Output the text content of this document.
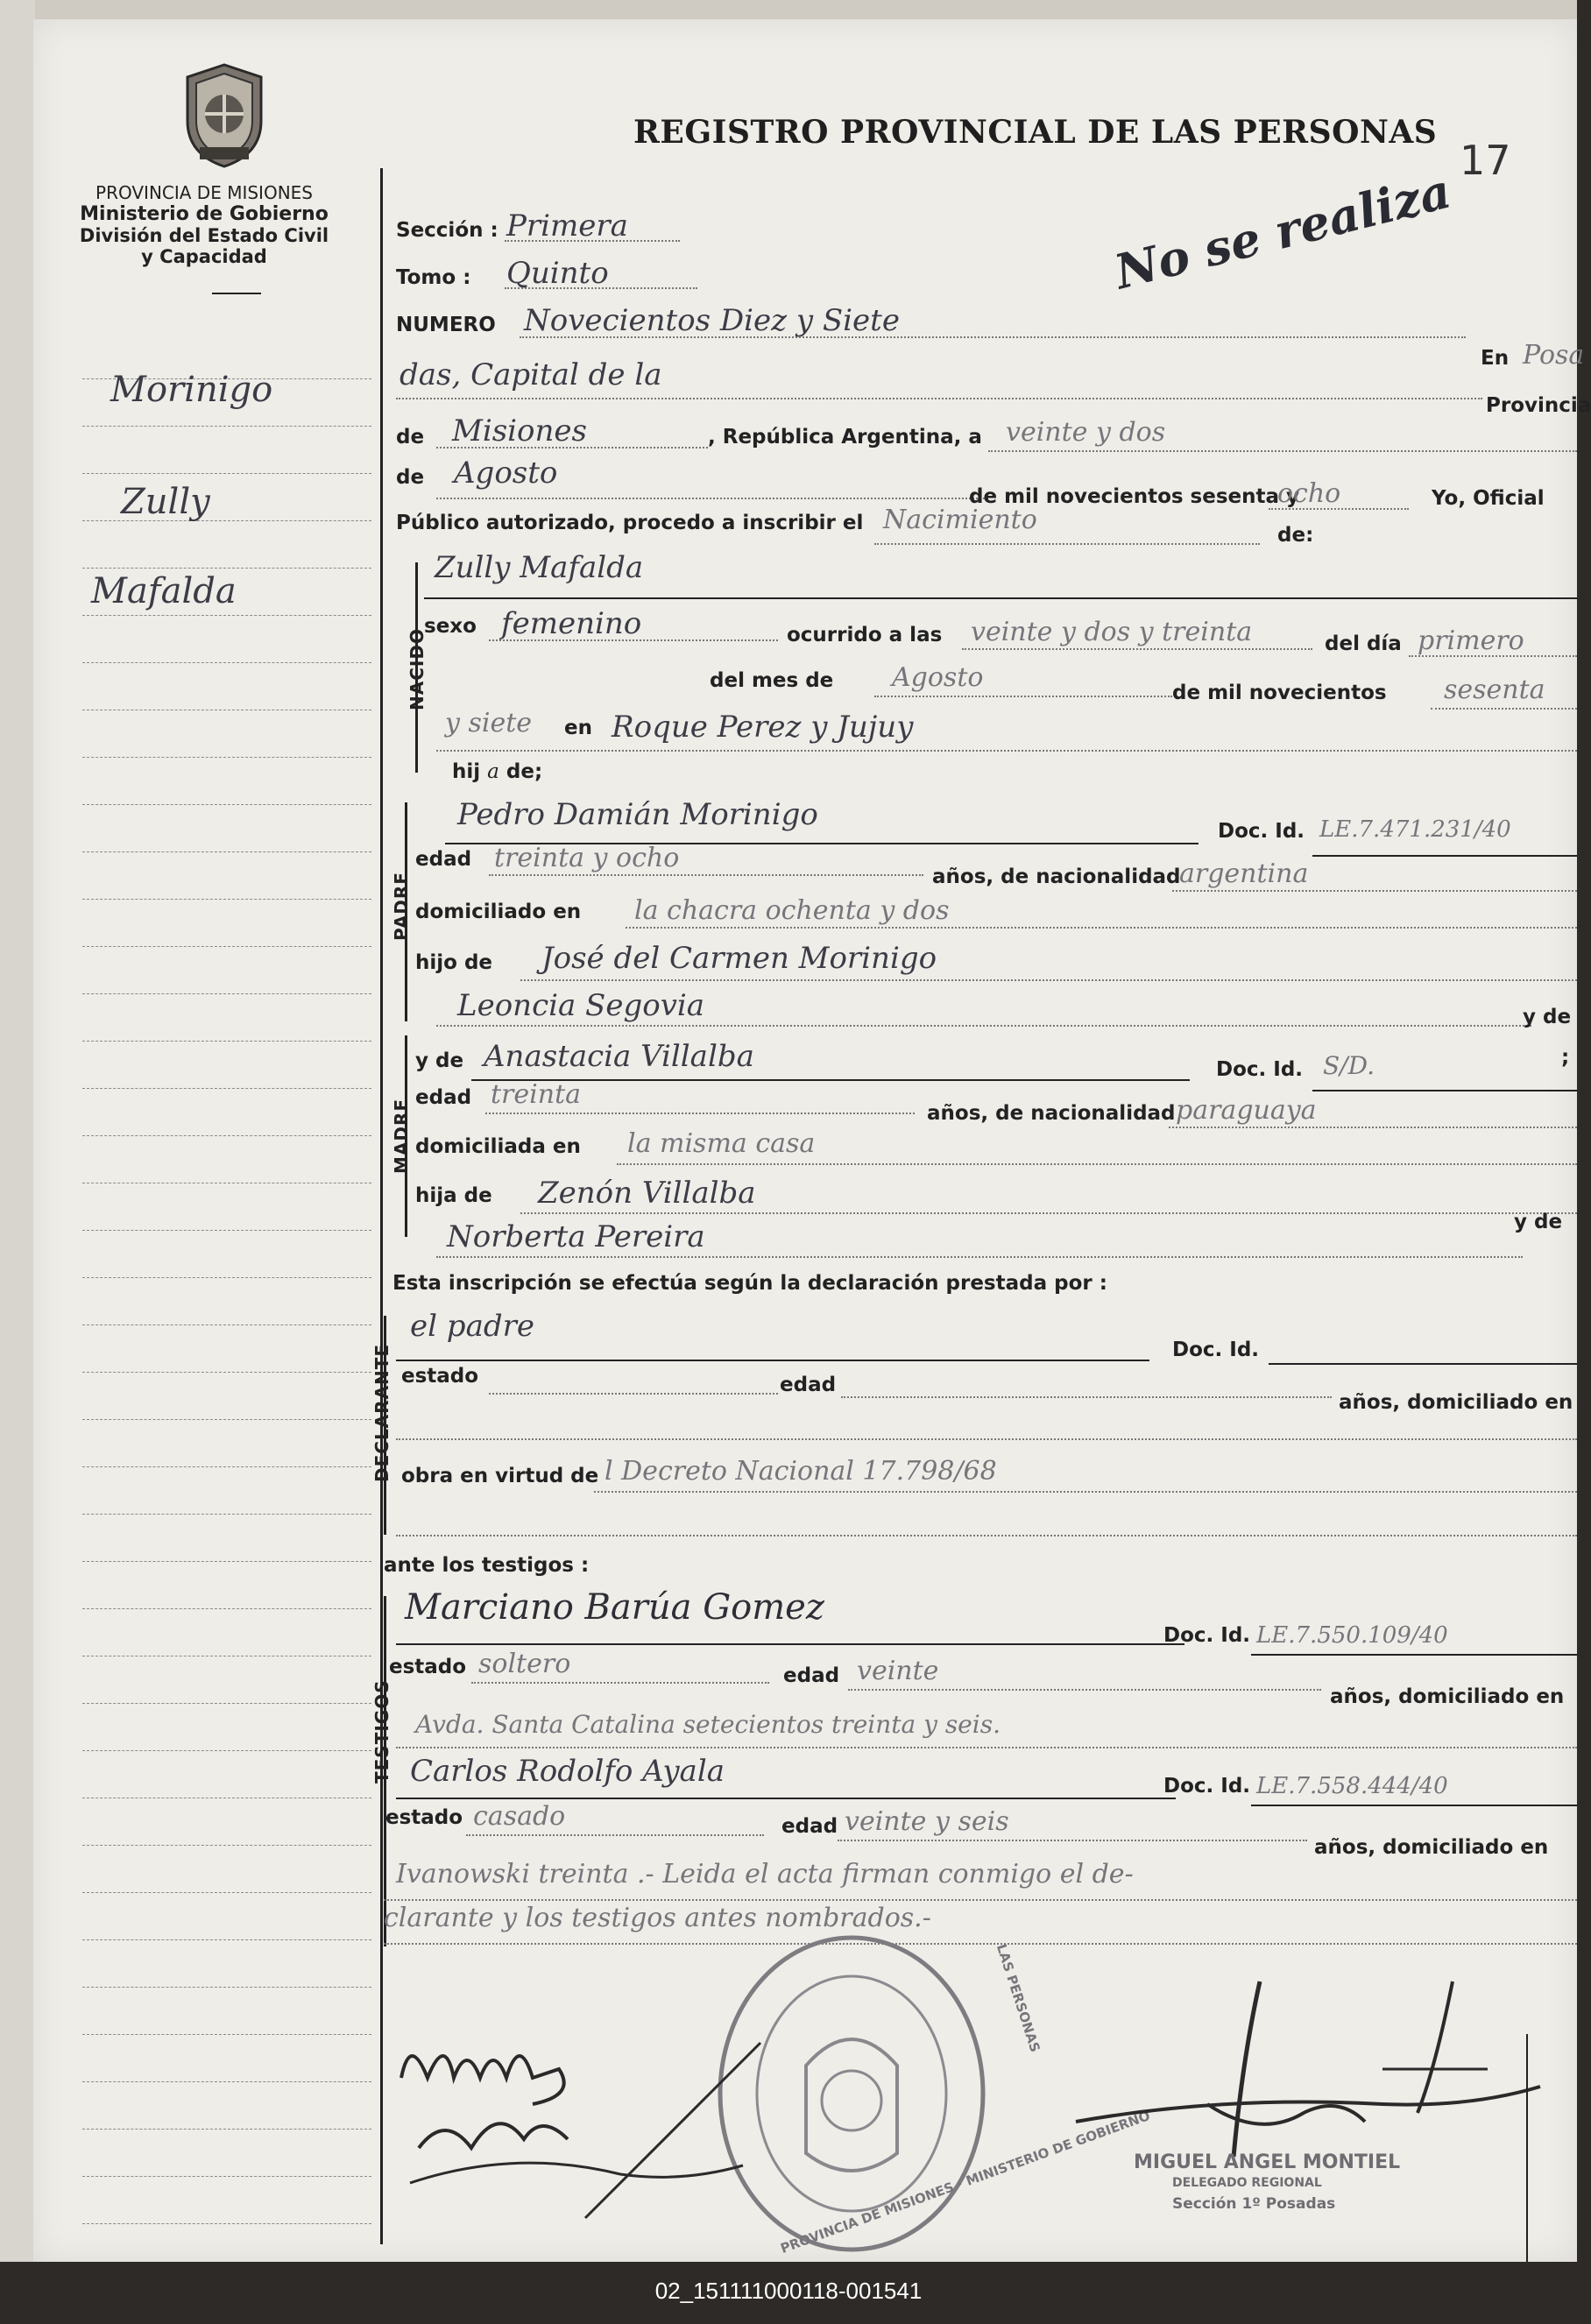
PROVINCIA DE MISIONES
Ministerio de Gobierno
División del Estado Civil
y Capacidad
Morinigo
Zully
Mafalda
REGISTRO PROVINCIAL DE LAS PERSONAS
17
No se realiza
Sección : Primera
Tomo : Quinto
NUMERO Novecientos Diez y Siete
En Posa
das, Capital de la
Provincia
de Misiones	, República Argentina, a veinte y dos
de Agosto
de mil novecientos sesenta y
ocho	Yo, Oficial
Público autorizado, procedo a inscribir el Nacimiento	de:
NACIDO
Zully Mafalda
sexo femenino	ocurrido a las veinte y dos y treinta	del día primero
del mes de Agosto	de mil novecientos sesenta
y siete en Roque Perez y Jujuy
hij a de;
PADRE
Pedro Damián Morinigo	Doc. Id. LE.7.471.231/40
edad treinta y ocho
años, de nacionalidad
argentina
domiciliado en la chacra ochenta y dos
hijo de José del Carmen Morinigo
Leoncia Segovia	y de
;
MADRE
y de Anastacia Villalba	Doc. Id. S/D.
edad treinta
años, de nacionalidad paraguaya
domiciliada en la misma casa
hija de Zenón Villalba
Norberta Pereira	y de
Esta inscripción se efectúa según la declaración prestada por :
DECLARANTE
el padre
Doc. Id.
estado	edad
años, domiciliado en
obra en virtud de l Decreto Nacional 17.798/68
ante los testigos :
TESTIGOS
Marciano Barúa Gomez
Doc. Id. LE.7.550.109/40
estado soltero	edad veinte
años, domiciliado en
Avda. Santa Catalina setecientos treinta y seis.
Carlos Rodolfo Ayala	Doc. Id. LE.7.558.444/40
estado casado	edad veinte y seis
años, domiciliado en
Ivanowski treinta .- Leida el acta firman conmigo el de-
clarante y los testigos antes nombrados.-
PROVINCIA DE MISIONES · MINISTERIO DE GOBIERNO
LAS PERSONAS
MIGUEL ANGEL MONTIEL
DELEGADO REGIONAL
Sección 1º Posadas
02_151111000118-001541
